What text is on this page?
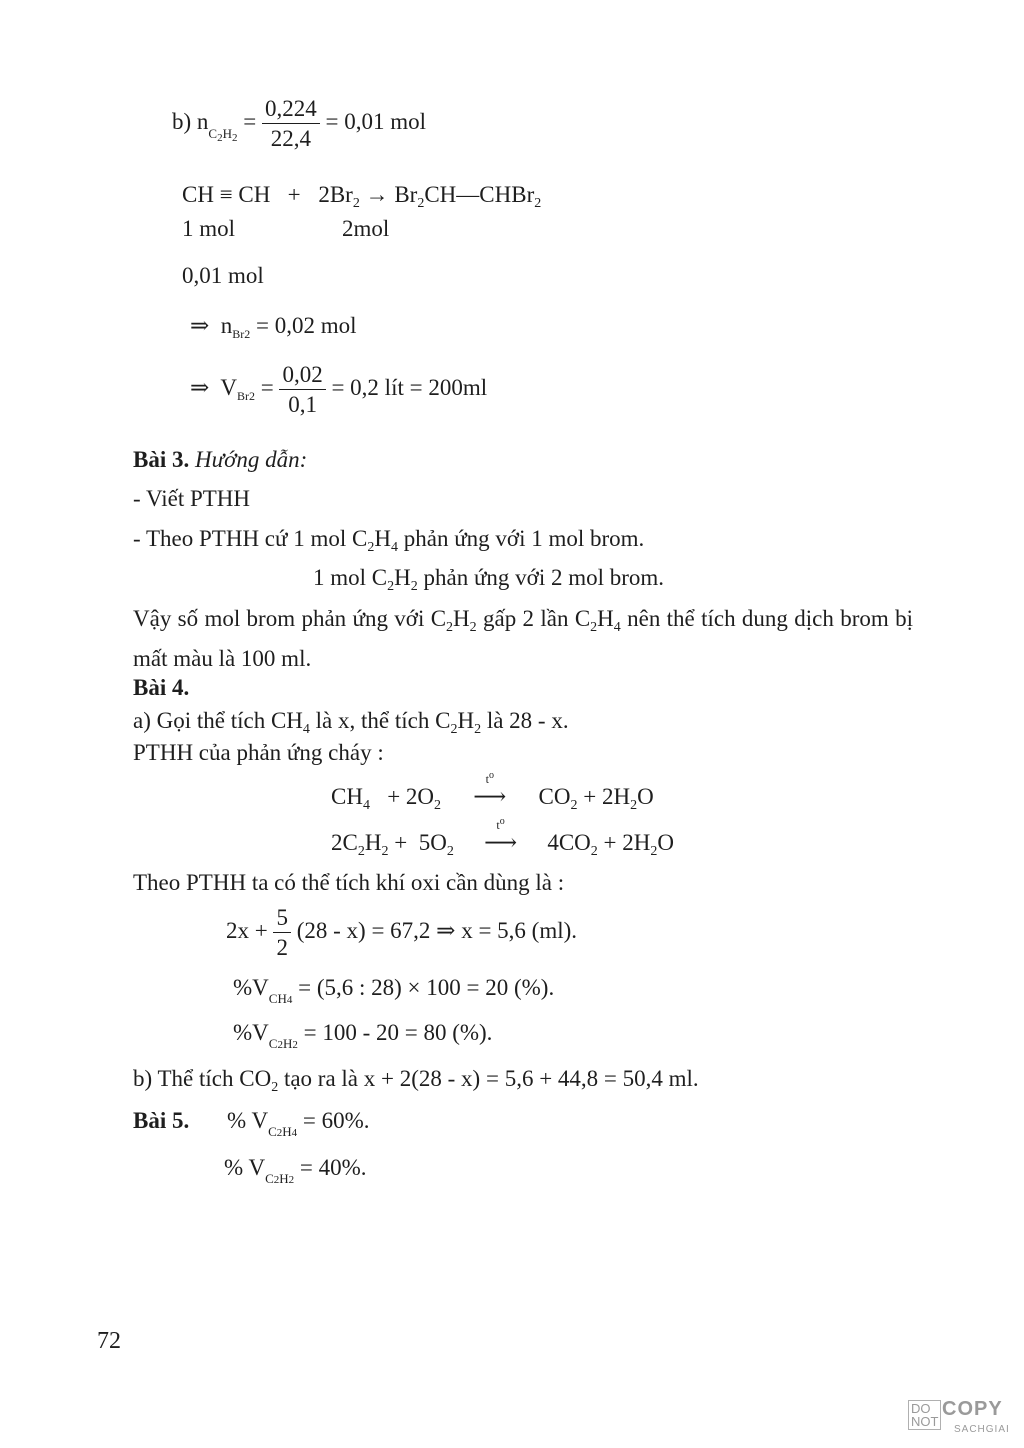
b) $n_{C_2H_2} = \frac{0,224}{22,4} = 0,01$ mol
CH ≡ CH   + $2Br_2$ → $Br_2CH—CHBr_2$
1 mol	2mol
0,01 mol
⇒  $n_{Br2} = 0,02$ mol
⇒  $V_{Br2} = \frac{0,02}{0,1} = 0,2$ lít = 200ml
Bài 3. Hướng dẫn:
- Viết PTHH
- Theo PTHH cứ 1 mol $C_2H_4$ phản ứng với 1 mol brom.
1 mol $C_2H_2$ phản ứng với 2 mol brom.
Vậy số mol brom phản ứng với $C_2H_2$ gấp 2 lần $C_2H_4$ nên thể tích dung dịch brom bị mất màu là 100 ml.
Bài 4.
a) Gọi thể tích $CH_4$ là x, thể tích $C_2H_2$ là 28 - x.
PTHH của phản ứng cháy :
$CH_4 + 2O_2$
$t^o$
⟶ $CO_2 + 2H_2O$
$2C_2H_2 + 5O_2$
$t^o$
⟶ $4CO_2 + 2H_2O$
Theo PTHH ta có thể tích khí oxi cần dùng là :
$2x + \frac{5}{2} (28 - x) = 67,2$ ⇒ x = 5,6 (ml).
$\%V_{CH4} = (5,6$ : 28) × 100 = 20 (%).
$\%V_{C2H2} = 100 - 20 = 80$ (%).
b) Thể tích $CO_2$ tạo ra là x + 2(28 - x) = 5,6 + 44,8 = 50,4 ml.
Bài 5. % $V_{C2H4} = 60\%$.
% $V_{C2H2} = 40\%$.
72
DO
NOT
COPY
SACHGIAI
